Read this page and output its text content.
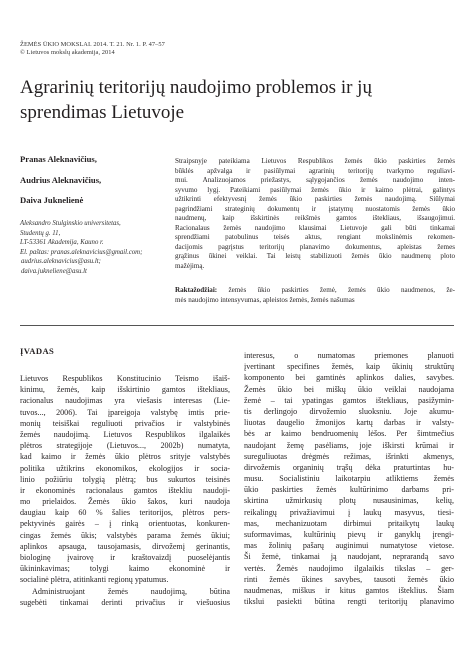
ŽEMĖS ŪKIO MOKSLAI. 2014. T. 21. Nr. 1. P. 47–57
© Lietuvos mokslų akademija, 2014
Agrarinių teritorijų naudojimo problemos ir jų
sprendimas Lietuvoje
Pranas Aleknavičius,
Audrius Aleknavičius,
Daiva Juknelienė
Aleksandro Stulginskio universitetas,
Studentų g. 11,
LT-53361 Akademija, Kauno r.
El. paštas: pranas.aleknavicius@gmail.com;
audrius.aleknavicius@asu.lt;
daiva.jukneliene@asu.lt
Straipsnyje pateikiama Lietuvos Respublikos žemės ūkio paskirties žemės
būklės apžvalga ir pasiūlymai agrarinių teritorijų tvarkymo reguliavi-
mui. Analizuojamos priežastys, sąlygojančios žemės naudojimo inten-
syvumo lygį. Pateikiami pasiūlymai žemės ūkio ir kaimo plėtrai, galintys
užtikrinti efektyvesnį žemės ūkio paskirties žemės naudojimą. Siūlymai
pagrindžiami strateginių dokumentų ir įstatymų nuostatomis žemės ūkio
naudmenų, kaip išskirtinės reikšmės gamtos ištekliaus, išsaugojimui.
Racionalaus žemės naudojimo klausimai Lietuvoje gali būti tinkamai
sprendžiami patobulinus teisės aktus, rengiant mokslinėmis rekomen-
dacijomis pagrįstus teritorijų planavimo dokumentus, apleistas žemes
grąžinus ūkinei veiklai. Tai leistų stabilizuoti žemės ūkio naudmenų ploto
mažėjimą.
Raktažodžiai: žemės ūkio paskirties žemė, žemės ūkio naudmenos, že-
mės naudojimo intensyvumas, apleistos žemės, žemės našumas
ĮVADAS
Lietuvos Respublikos Konstitucinio Teismo išaiš-
kinimu, žemės, kaip išskirtinio gamtos ištekliaus,
racionalus naudojimas yra viešasis interesas (Lie-
tuvos..., 2006). Tai įpareigoja valstybę imtis prie-
monių teisiškai reguliuoti privačios ir valstybinės
žemės naudojimą. Lietuvos Respublikos ilgalaikės
plėtros strategijoje (Lietuvos..., 2002b) numatyta,
kad kaimo ir žemės ūkio plėtros srityje valstybės
politika užtikrins ekonomikos, ekologijos ir socia-
linio požiūriu tolygią plėtrą; bus sukurtos teisinės
ir ekonominės racionalaus gamtos ištekliu naudoji-
mo prielaidos. Žemės ūkio šakos, kuri naudoja
daugiau kaip 60 % šalies teritorijos, plėtros pers-
pektyvinės gairės – į rinką orientuotas, konkuren-
cingas žemės ūkis; valstybės parama žemės ūkiui;
aplinkos apsauga, tausojamasis, dirvožemį gerinantis,
biologinę įvairovę ir kraštovaizdį puoselėjantis
ūkininkavimas; tolygi kaimo ekonominė ir
socialinė plėtra, atitinkanti regionų ypatumus.
Administruojant žemės naudojimą, būtina
sugebėti tinkamai derinti privačius ir viešuosius
interesus, o numatomas priemones planuoti
įvertinant specifines žemės, kaip ūkinių struktūrų
komponento bei gamtinės aplinkos dalies, savybes.
Žemės ūkio bei miškų ūkio veiklai naudojama
žemė – tai ypatingas gamtos ištekliaus, pasižymin-
tis derlingojo dirvožemio sluoksniu. Joje akumu-
liuotas daugelio žmonijos kartų darbas ir valsty-
bės ar kaimo bendruomenių lėšos. Per šimtmečius
naudojant žemę pasėliams, joje iškirsti krūmai ir
sureguliuotas drėgmės režimas, išrinkti akmenys,
dirvožemis organinių trąšų dėka praturtintas hu-
musu. Socialistiniu laikotarpiu atliktiems žemės
ūkio paskirties žemės kultūrinimo darbams pri-
skirtina užmirkusių plotų nusausinimas, kelių,
reikalingų privažiavimui į laukų masyvus, tiesi-
mas, mechanizuotam dirbimui pritaikytų laukų
suformavimas, kultūrinių pievų ir ganyklų įrengi-
mas žolinių pašarų auginimui numatytose vietose.
Ši žemė, tinkamai ją naudojant, neprarandą savo
vertės. Žemės naudojimo ilgalaikis tikslas – ger-
rinti žemės ūkines savybes, tausoti žemės ūkio
naudmenas, miškus ir kitus gamtos išteklius. Šiam
tikslui pasiekti būtina rengti teritorijų planavimo
